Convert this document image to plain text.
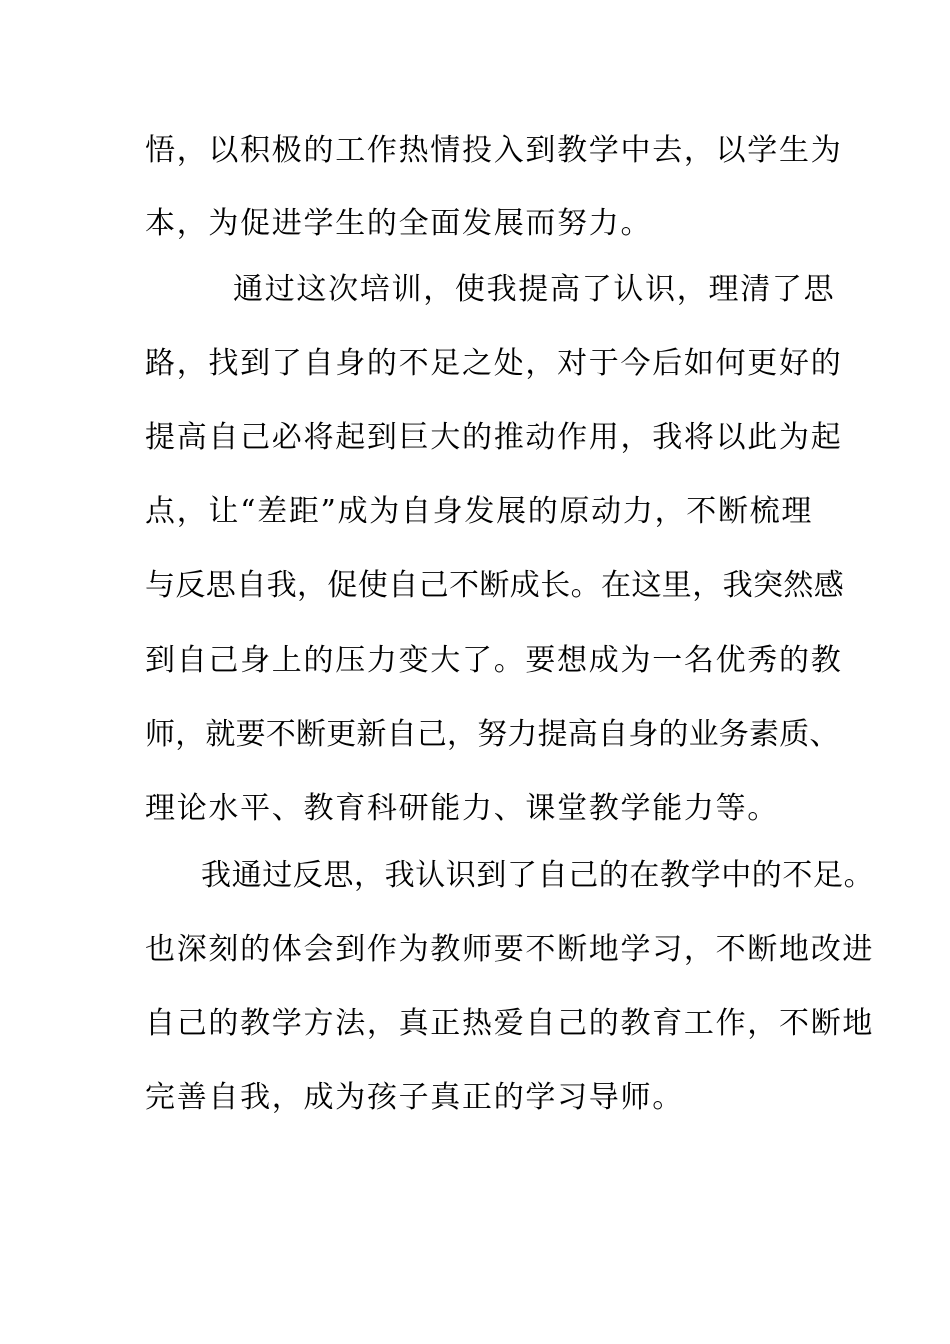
悟，以积极的工作热情投入到教学中去，以学生为

本，为促进学生的全面发展而努力。

通过这次培训，使我提高了认识，理清了思

路，找到了自身的不足之处，对于今后如何更好的

提高自己必将起到巨大的推动作用，我将以此为起

点，让“差距”成为自身发展的原动力，不断梳理

与反思自我，促使自己不断成长。在这里，我突然感

到自己身上的压力变大了。要想成为一名优秀的教

师，就要不断更新自己，努力提高自身的业务素质、

理论水平、教育科研能力、课堂教学能力等。

我通过反思，我认识到了自己的在教学中的不足。

也深刻的体会到作为教师要不断地学习，不断地改进

自己的教学方法，真正热爱自己的教育工作，不断地

完善自我，成为孩子真正的学习导师。
